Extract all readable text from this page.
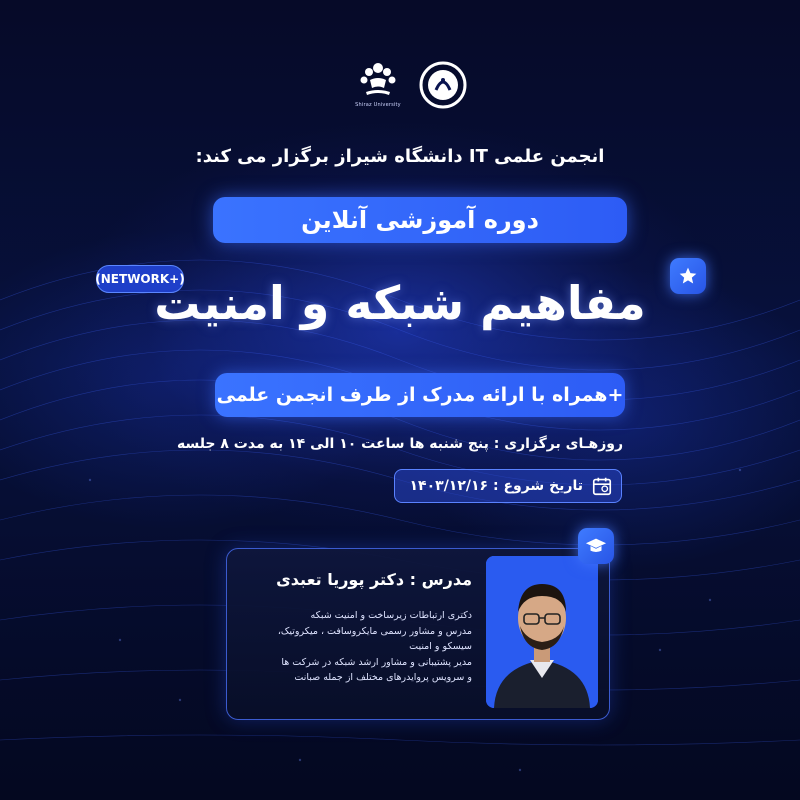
Shiraz University
انجمن علمی IT دانشگاه شیراز برگزار می کند:
دوره آموزشی آنلاین
(NETWORK+)
مفاهیم شبکه و امنیت
+همراه با ارائه مدرک از طرف انجمن علمی
روزهـای برگزاری : پنج شنبه ها ساعت ۱۰ الی ۱۴ به مدت ۸ جلسه
تاریخ شروع : ۱۴۰۳/۱۲/۱۶
مدرس : دکتر پوریا تعبدی
دکتری ارتباطات زیرساخت و امنیت شبکه
مدرس و مشاور رسمی مایکروسافت ، میکروتیک،
سیسکو و امنیت
مدیر پشتیبانی و مشاور ارشد شبکه در شرکت ها
و سرویس پروایدرهای مختلف از جمله صبانت
